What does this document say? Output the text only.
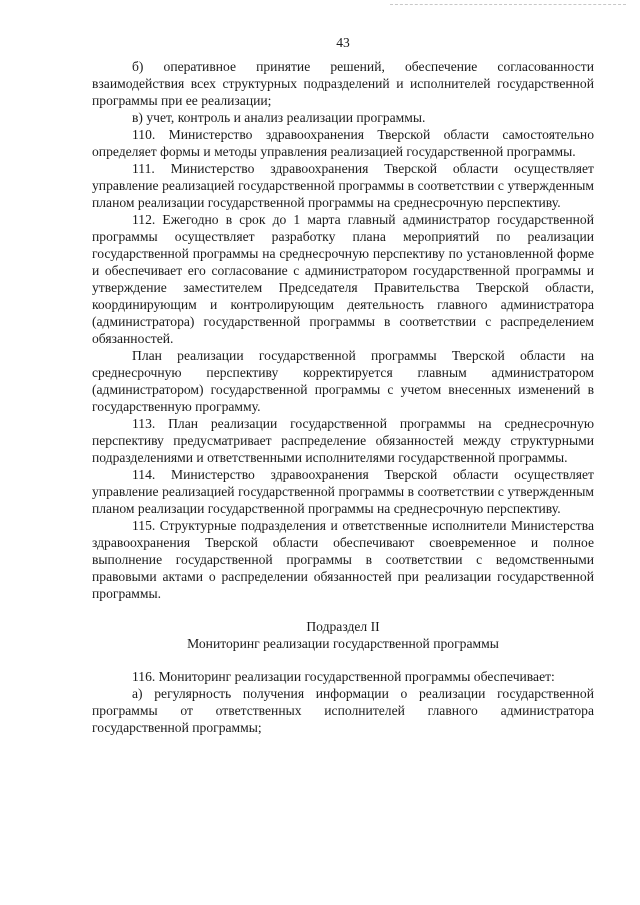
43

б) оперативное принятие решений, обеспечение согласованности взаимодействия всех структурных подразделений и исполнителей государственной программы при ее реализации;

в) учет, контроль и анализ реализации программы.

110. Министерство здравоохранения Тверской области самостоятельно определяет формы и методы управления реализацией государственной программы.

111. Министерство здравоохранения Тверской области осуществляет управление реализацией государственной программы в соответствии с утвержденным планом реализации государственной программы на среднесрочную перспективу.

112. Ежегодно в срок до 1 марта главный администратор государственной программы осуществляет разработку плана мероприятий по реализации государственной программы на среднесрочную перспективу по установленной форме и обеспечивает его согласование с администратором государственной программы и утверждение заместителем Председателя Правительства Тверской области, координирующим и контролирующим деятельность главного администратора (администратора) государственной программы в соответствии с распределением обязанностей.

План реализации государственной программы Тверской области на среднесрочную перспективу корректируется главным администратором (администратором) государственной программы с учетом внесенных изменений в государственную программу.

113. План реализации государственной программы на среднесрочную перспективу предусматривает распределение обязанностей между структурными подразделениями и ответственными исполнителями государственной программы.

114. Министерство здравоохранения Тверской области осуществляет управление реализацией государственной программы в соответствии с утвержденным планом реализации государственной программы на среднесрочную перспективу.

115. Структурные подразделения и ответственные исполнители Министерства здравоохранения Тверской области обеспечивают своевременное и полное выполнение государственной программы в соответствии с ведомственными правовыми актами о распределении обязанностей при реализации государственной программы.

Подраздел II
Мониторинг реализации государственной программы

116. Мониторинг реализации государственной программы обеспечивает:

а) регулярность получения информации о реализации государственной программы от ответственных исполнителей главного администратора государственной программы;
